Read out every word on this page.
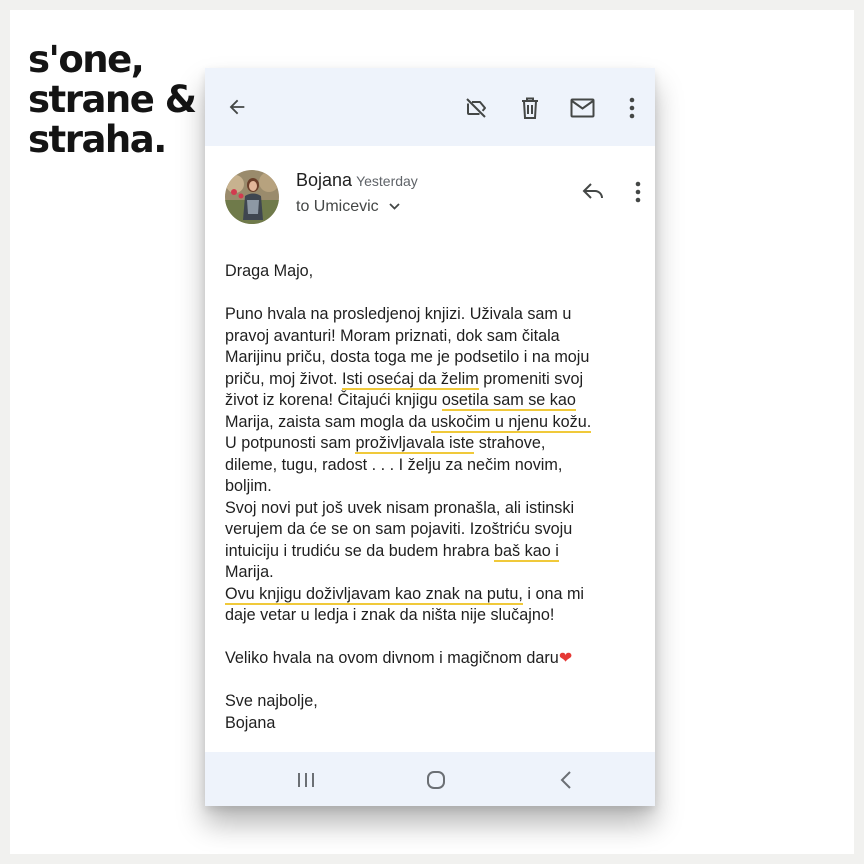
s'one,
strane &
straha.
Bojana Yesterday
to Umicevic

Draga Majo,

Puno hvala na prosledjenoj knjizi. Uživala sam u

pravoj avanturi! Moram priznati, dok sam čitala

Marijinu priču, dosta toga me je podsetilo i na moju

priču, moj život. Isti osećaj da želim promeniti svoj

život iz korena! Čitajući knjigu osetila sam se kao

Marija, zaista sam mogla da uskočim u njenu kožu.

U potpunosti sam proživljavala iste strahove,

dileme, tugu, radost . . . I želju za nečim novim,

boljim.

Svoj novi put još uvek nisam pronašla, ali istinski

verujem da će se on sam pojaviti. Izoštriću svoju

intuiciju i trudiću se da budem hrabra baš kao i

Marija.

Ovu knjigu doživljavam kao znak na putu, i ona mi

daje vetar u ledja i znak da ništa nije slučajno!

Veliko hvala na ovom divnom i magičnom daru❤

Sve najbolje,

Bojana
